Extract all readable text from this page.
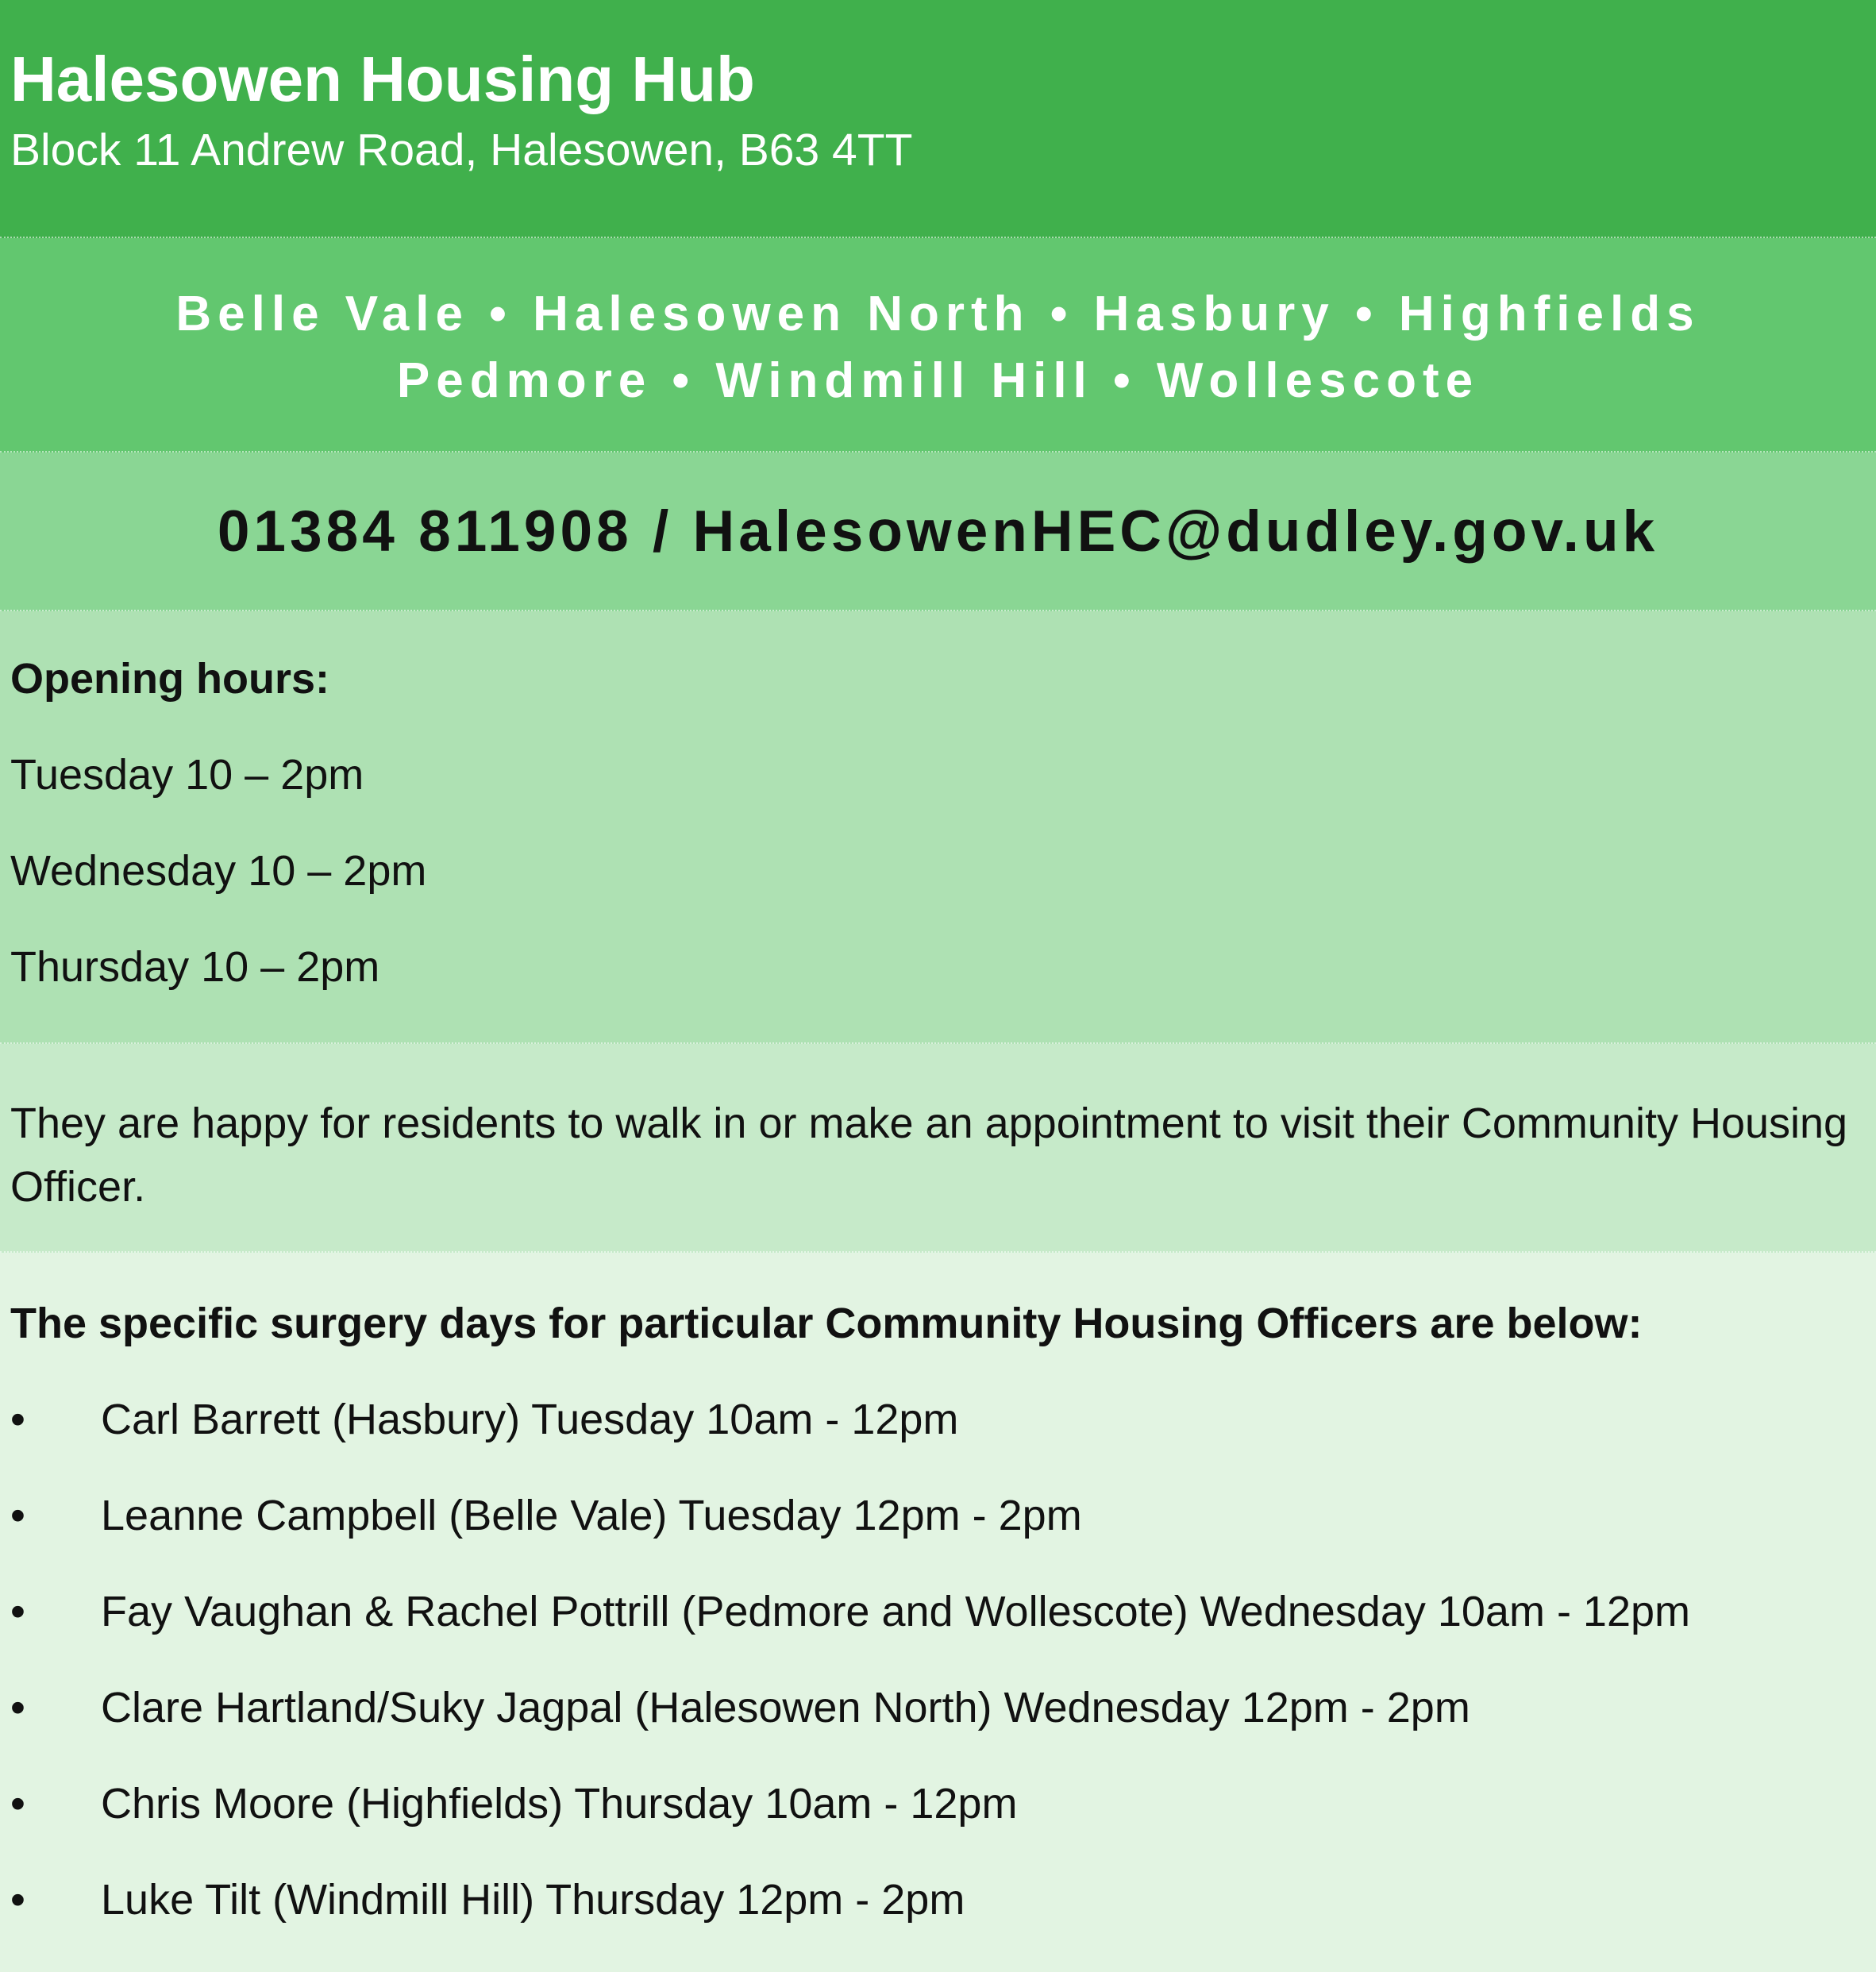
Halesowen Housing Hub
Block 11 Andrew Road, Halesowen, B63 4TT
Belle Vale • Halesowen North • Hasbury • Highfields
Pedmore • Windmill Hill • Wollescote
01384 811908 / HalesowenHEC@dudley.gov.uk
Opening hours:
Tuesday 10 – 2pm
Wednesday 10 – 2pm
Thursday 10 – 2pm
They are happy for residents to walk in or make an appointment to visit their Community Housing Officer.
The specific surgery days for particular Community Housing Officers are below:
•	Carl Barrett (Hasbury) Tuesday 10am - 12pm
•	Leanne Campbell (Belle Vale) Tuesday 12pm - 2pm
•	Fay Vaughan & Rachel Pottrill (Pedmore and Wollescote) Wednesday 10am - 12pm
•	Clare Hartland/Suky Jagpal (Halesowen North) Wednesday 12pm - 2pm
•	Chris Moore (Highfields) Thursday 10am - 12pm
•	Luke Tilt (Windmill Hill) Thursday 12pm - 2pm
